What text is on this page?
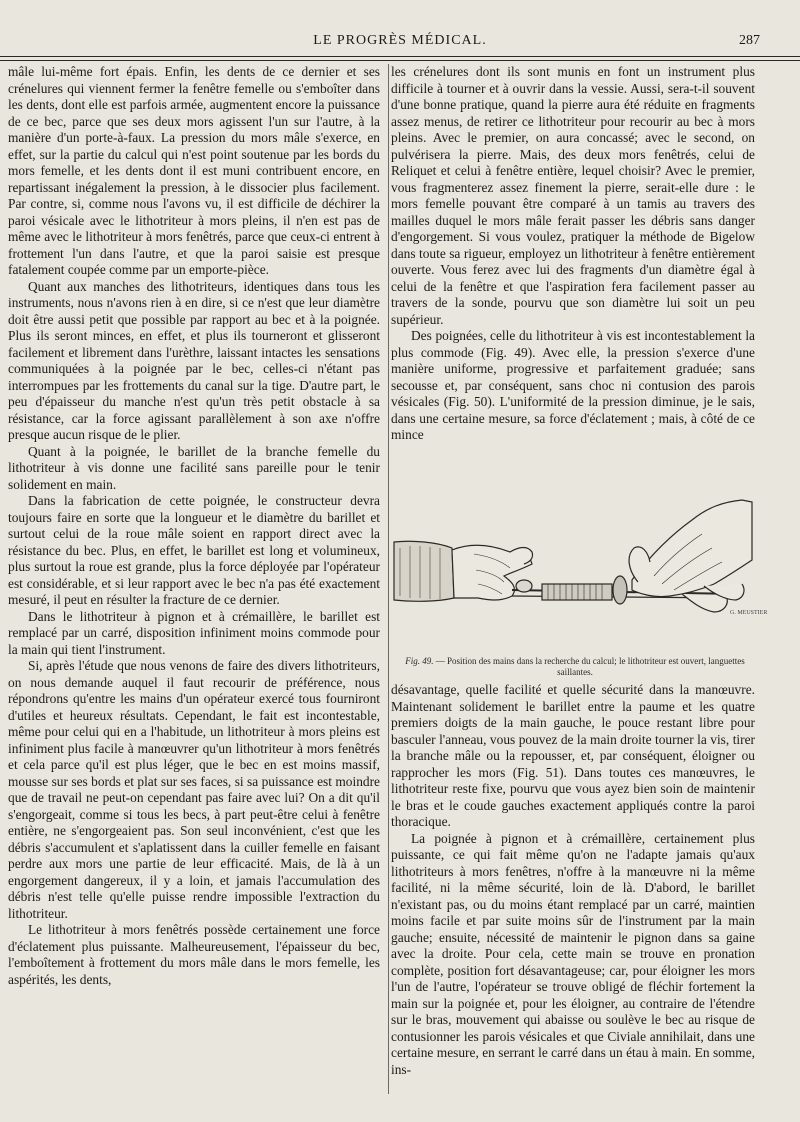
LE PROGRÈS MÉDICAL.	287

mâle lui-même fort épais. Enfin, les dents de ce dernier et ses crénelures qui viennent fermer la fenêtre femelle ou s'emboîter dans les dents, dont elle est parfois armée, augmentent encore la puissance de ce bec, parce que ses deux mors agissent l'un sur l'autre, à la manière d'un porte-à-faux. La pression du mors mâle s'exerce, en effet, sur la partie du calcul qui n'est point soutenue par les bords du mors femelle, et les dents dont il est muni contribuent encore, en repartissant inégalement la pression, à le dissocier plus facilement. Par contre, si, comme nous l'avons vu, il est difficile de déchirer la paroi vésicale avec le lithotriteur à mors pleins, il n'en est pas de même avec le lithotriteur à mors fenêtrés, parce que ceux-ci entrent à frottement l'un dans l'autre, et que la paroi saisie est presque fatalement coupée comme par un emporte-pièce.

Quant aux manches des lithotriteurs, identiques dans tous les instruments, nous n'avons rien à en dire, si ce n'est que leur diamètre doit être aussi petit que possible par rapport au bec et à la poignée. Plus ils seront minces, en effet, et plus ils tourneront et glisseront facilement et librement dans l'urèthre, laissant intactes les sensations communiquées à la poignée par le bec, celles-ci n'étant pas interrompues par les frottements du canal sur la tige. D'autre part, le peu d'épaisseur du manche n'est qu'un très petit obstacle à sa résistance, car la force agissant parallèlement à son axe n'offre presque aucun risque de le plier.

Quant à la poignée, le barillet de la branche femelle du lithotriteur à vis donne une facilité sans pareille pour le tenir solidement en main.

Dans la fabrication de cette poignée, le constructeur devra toujours faire en sorte que la longueur et le diamètre du barillet et surtout celui de la roue mâle soient en rapport direct avec la résistance du bec. Plus, en effet, le barillet est long et volumineux, plus surtout la roue est grande, plus la force déployée par l'opérateur est considérable, et si leur rapport avec le bec n'a pas été exactement mesuré, il peut en résulter la fracture de ce dernier.

Dans le lithotriteur à pignon et à crémaillère, le barillet est remplacé par un carré, disposition infiniment moins commode pour la main qui tient l'instrument.

Si, après l'étude que nous venons de faire des divers lithotriteurs, on nous demande auquel il faut recourir de préférence, nous répondrons qu'entre les mains d'un opérateur exercé tous fourniront d'utiles et heureux résultats. Cependant, le fait est incontestable, même pour celui qui en a l'habitude, un lithotriteur à mors pleins est infiniment plus facile à manœuvrer qu'un lithotriteur à mors fenêtrés et cela parce qu'il est plus léger, que le bec en est moins massif, mousse sur ses bords et plat sur ses faces, si sa puissance est moindre que de travail ne peut-on cependant pas faire avec lui? On a dit qu'il s'engorgeait, comme si tous les becs, à part peut-être celui à fenêtre entière, ne s'engorgeaient pas. Son seul inconvénient, c'est que les débris s'accumulent et s'aplatissent dans la cuiller femelle en faisant perdre aux mors une partie de leur efficacité. Mais, de là à un engorgement dangereux, il y a loin, et jamais l'accumulation des débris n'est telle qu'elle puisse rendre impossible l'extraction du lithotriteur.

Le lithotriteur à mors fenêtrés possède certainement une force d'éclatement plus puissante. Malheureusement, l'épaisseur du bec, l'emboîtement à frottement du mors mâle dans le mors femelle, les aspérités, les dents,

les crénelures dont ils sont munis en font un instrument plus difficile à tourner et à ouvrir dans la vessie. Aussi, sera-t-il souvent d'une bonne pratique, quand la pierre aura été réduite en fragments assez menus, de retirer ce lithotriteur pour recourir au bec à mors pleins. Avec le premier, on aura concassé; avec le second, on pulvérisera la pierre. Mais, des deux mors fenêtrés, celui de Reliquet et celui à fenêtre entière, lequel choisir? Avec le premier, vous fragmenterez assez finement la pierre, serait-elle dure : le mors femelle pouvant être comparé à un tamis au travers des mailles duquel le mors mâle ferait passer les débris sans danger d'engorgement. Si vous voulez, pratiquer la méthode de Bigelow dans toute sa rigueur, employez un lithotriteur à fenêtre entièrement ouverte. Vous ferez avec lui des fragments d'un diamètre égal à celui de la fenêtre et que l'aspiration fera facilement passer au travers de la sonde, pourvu que son diamètre lui soit un peu supérieur.

Des poignées, celle du lithotriteur à vis est incontestablement la plus commode (Fig. 49). Avec elle, la pression s'exerce d'une manière uniforme, progressive et parfaitement graduée; sans secousse et, par conséquent, sans choc ni contusion des parois vésicales (Fig. 50). L'uniformité de la pression diminue, je le sais, dans une certaine mesure, sa force d'éclatement ; mais, à côté de ce mince

G. MEUSTIER
Fig. 49. — Position des mains dans la recherche du calcul; le lithotriteur est ouvert, languettes saillantes.

désavantage, quelle facilité et quelle sécurité dans la manœuvre. Maintenant solidement le barillet entre la paume et les quatre premiers doigts de la main gauche, le pouce restant libre pour basculer l'anneau, vous pouvez de la main droite tourner la vis, tirer la branche mâle ou la repousser, et, par conséquent, éloigner ou rapprocher les mors (Fig. 51). Dans toutes ces manœuvres, le lithotriteur reste fixe, pourvu que vous ayez bien soin de maintenir le bras et le coude gauches exactement appliqués contre la paroi thoracique.

La poignée à pignon et à crémaillère, certainement plus puissante, ce qui fait même qu'on ne l'adapte jamais qu'aux lithotriteurs à mors fenêtres, n'offre à la manœuvre ni la même facilité, ni la même sécurité, loin de là. D'abord, le barillet n'existant pas, ou du moins étant remplacé par un carré, maintien moins facile et par suite moins sûr de l'instrument par la main gauche; ensuite, nécessité de maintenir le pignon dans sa gaine avec la droite. Pour cela, cette main se trouve en pronation complète, position fort désavantageuse; car, pour éloigner les mors l'un de l'autre, l'opérateur se trouve obligé de fléchir fortement la main sur la poignée et, pour les éloigner, au contraire de l'étendre sur le bras, mouvement qui abaisse ou soulève le bec au risque de contusionner les parois vésicales et que Civiale annihilait, dans une certaine mesure, en serrant le carré dans un étau à main. En somme, ins-
